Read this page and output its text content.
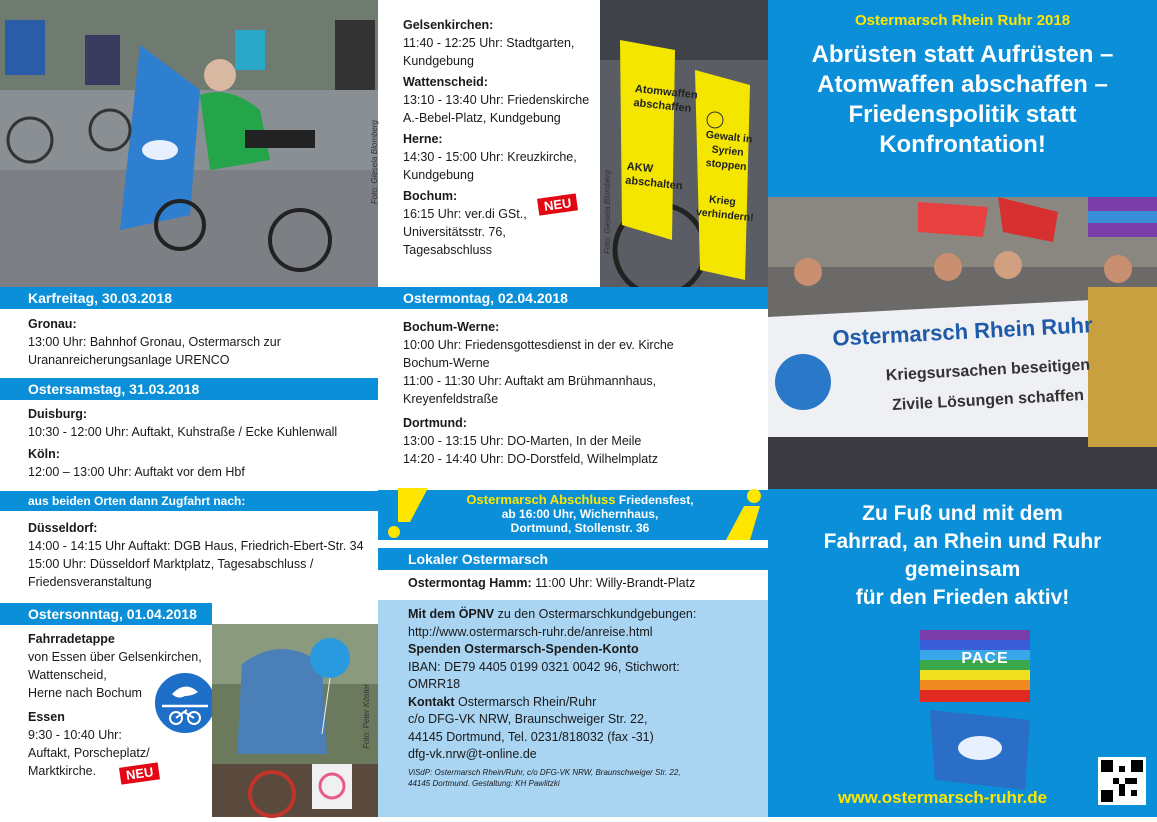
Foto: Giesela Blomberg
Gelsenkirchen:
11:40 - 12:25 Uhr: Stadtgarten,
Kundgebung
Wattenscheid:
13:10 - 13:40 Uhr: Friedenskirche
A.-Bebel-Platz, Kundgebung
Herne:
14:30 - 15:00 Uhr: Kreuzkirche,
Kundgebung
Bochum:
16:15 Uhr: ver.di GSt.,
Universitätsstr. 76,
Tagesabschluss
NEU
Atomwaffen
abschaffen
AKW
abschalten
Gewalt in
Syrien stoppen
Krieg
verhindern!
Foto: Giesela Blomberg
Karfreitag, 30.03.2018
Gronau:
13:00 Uhr: Bahnhof Gronau, Ostermarsch zur
Urananreicherungsanlage URENCO
Ostersamstag, 31.03.2018
Duisburg:
10:30 - 12:00 Uhr: Auftakt, Kuhstraße / Ecke Kuhlenwall
Köln:
12:00 – 13:00 Uhr: Auftakt vor dem Hbf
aus beiden Orten dann Zugfahrt nach:
Düsseldorf:
14:00 - 14:15 Uhr Auftakt: DGB Haus, Friedrich-Ebert-Str. 34
15:00 Uhr: Düsseldorf Marktplatz, Tagesabschluss /
Friedensveranstaltung
Ostersonntag, 01.04.2018
Fahrradetappe
von Essen über Gelsenkirchen,
Wattenscheid,
Herne nach Bochum
Essen
9:30 - 10:40 Uhr:
Auftakt, Porscheplatz/
Marktkirche.	NEU
Foto: Peter Köster
Ostermontag, 02.04.2018
Bochum-Werne:
10:00 Uhr: Friedensgottesdienst in der ev. Kirche
Bochum-Werne
11:00 - 11:30 Uhr: Auftakt am Brühmannhaus,
Kreyenfeldstraße
Dortmund:
13:00 - 13:15 Uhr: DO-Marten, In der Meile
14:20 - 14:40 Uhr: DO-Dorstfeld, Wilhelmplatz
Ostermarsch Abschluss Friedensfest,
ab 16:00 Uhr, Wichernhaus,
Dortmund, Stollenstr. 36
Lokaler Ostermarsch
Ostermontag Hamm: 11:00 Uhr: Willy-Brandt-Platz
Mit dem ÖPNV zu den Ostermarschkundgebungen:
http://www.ostermarsch-ruhr.de/anreise.html
Spenden Ostermarsch-Spenden-Konto
IBAN: DE79 4405 0199 0321 0042 96, Stichwort:
OMRR18
Kontakt Ostermarsch Rhein/Ruhr
c/o DFG-VK NRW, Braunschweiger Str. 22,
44145 Dortmund, Tel. 0231/818032 (fax -31)
dfg-vk.nrw@t-online.de
ViSdP: Ostermarsch Rhein/Ruhr, c/o DFG-VK NRW, Braunschweiger Str. 22,
44145 Dortmund. Gestaltung: KH Pawlitzki
Ostermarsch Rhein Ruhr 2018
Abrüsten statt Aufrüsten –
Atomwaffen abschaffen –
Friedenspolitik statt
Konfrontation!
Ostermarsch Rhein Ruhr
Kriegsursachen beseitigen
Zivile Lösungen schaffen
Zu Fuß und mit dem
Fahrrad, an Rhein und Ruhr
gemeinsam
für den Frieden aktiv!
PACE
www.ostermarsch-ruhr.de
